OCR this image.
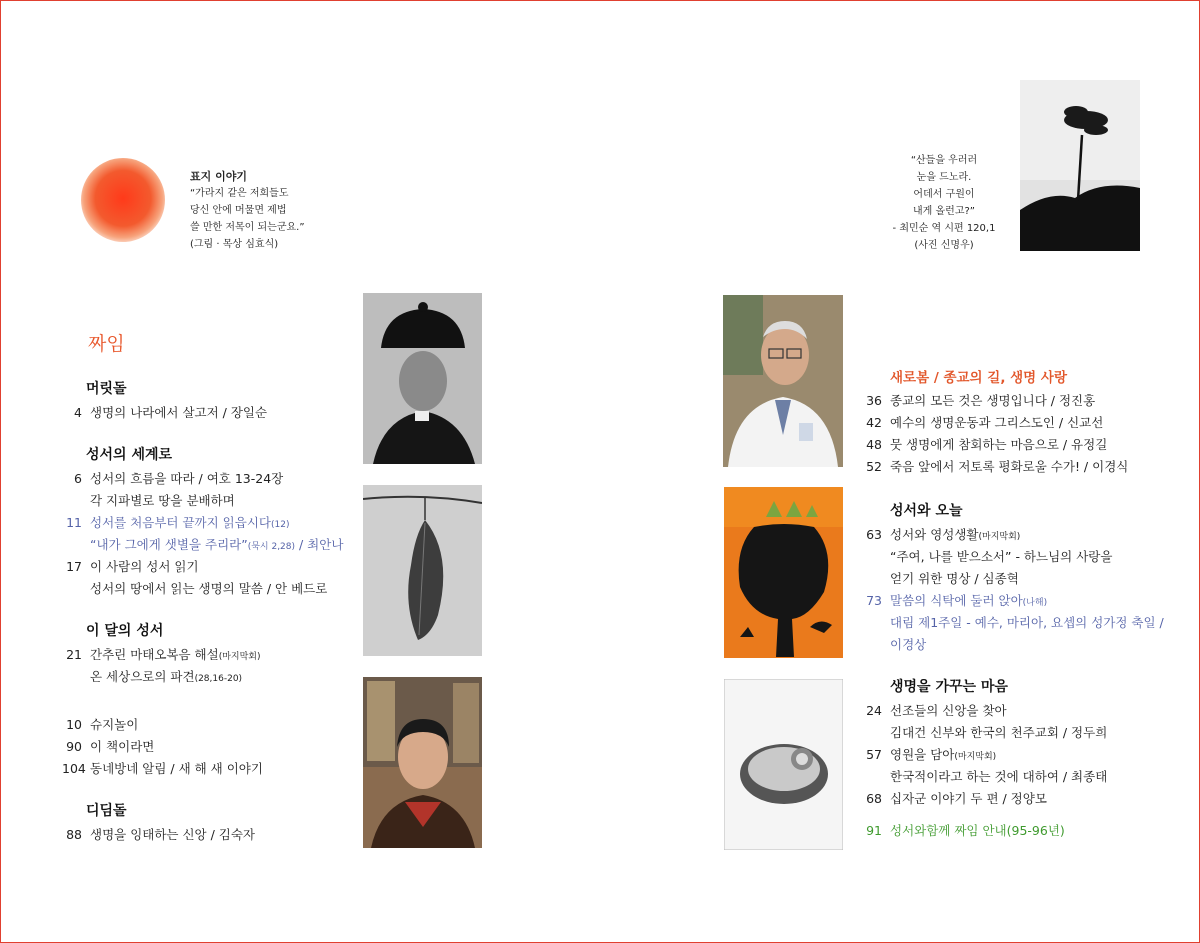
표지 이야기
“가라지 같은 저희들도
당신 안에 머물면 제법
쓸 만한 저목이 되는군요.”
(그림 · 목상 심효식)
“산들을 우러러
눈을 드노라.
어데서 구원이
내게 올런고?”
- 최민순 역 시편 120,1
(사진 신명우)
짜임
머릿돌
4 생명의 나라에서 살고저 / 장일순
성서의 세계로
6 성서의 흐름을 따라 / 여호 13-24장
각 지파별로 땅을 분배하며
11 성서를 처음부터 끝까지 읽읍시다(12)
“내가 그에게 샛별을 주리라”(묵시 2,28) / 최안나
17 이 사람의 성서 읽기
성서의 땅에서 읽는 생명의 말씀 / 안 베드로
이 달의 성서
21 간추린 마태오복음 해설(마지막회)
온 세상으로의 파견(28,16-20)
10 슈지놀이
90 이 책이라면
104 동네방네 알림 / 새 해 새 이야기
디딤돌
88 생명을 잉태하는 신앙 / 김숙자
새로봄 / 종교의 길, 생명 사랑
36 종교의 모든 것은 생명입니다 / 정진홍
42 예수의 생명운동과 그리스도인 / 신교선
48 뭇 생명에게 참회하는 마음으로 / 유정길
52 죽음 앞에서 저토록 평화로울 수가! / 이경식
성서와 오늘
63 성서와 영성생활(마지막회)
“주여, 나를 받으소서” - 하느님의 사랑을
얻기 위한 명상 / 심종혁
73 말씀의 식탁에 둘러 앉아(나해)
대림 제1주일 - 예수, 마리아, 요셉의 성가정 축일 /
이경상
생명을 가꾸는 마음
24 선조들의 신앙을 찾아
김대건 신부와 한국의 천주교회 / 정두희
57 영원을 담아(마지막회)
한국적이라고 하는 것에 대하여 / 최종태
68 십자군 이야기 두 편 / 정양모
91 성서와함께 짜임 안내(95-96년)
